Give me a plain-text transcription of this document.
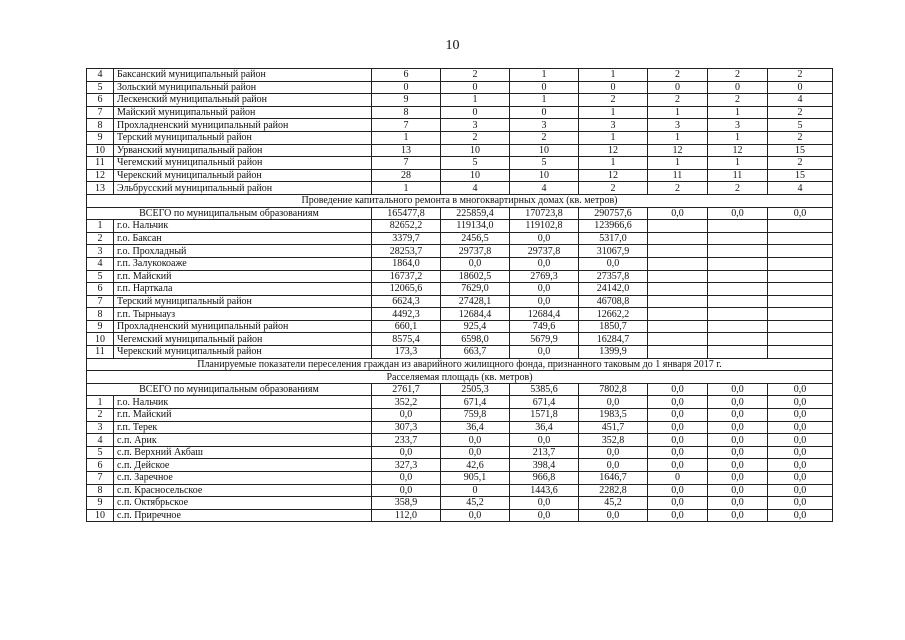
10
4	Баксанский муниципальный район	6	2	1	1	2	2	2
5	Зольский муниципальный район	0	0	0	0	0	0	0
6	Лескенский муниципальный район	9	1	1	2	2	2	4
7	Майский муниципальный район	8	0	0	1	1	1	2
8	Прохладненский муниципальный район	7	3	3	3	3	3	5
9	Терский муниципальный район	1	2	2	1	1	1	2
10	Урванский муниципальный район	13	10	10	12	12	12	15
11	Чегемский муниципальный район	7	5	5	1	1	1	2
12	Черекский муниципальный район	28	10	10	12	11	11	15
13	Эльбрусский муниципальный район	1	4	4	2	2	2	4
Проведение капитального ремонта в многоквартирных домах (кв. метров)								
ВСЕГО по муниципальным образованиям		165477,8	225859,4	170723,8	290757,6	0,0	0,0	0,0
1	г.о. Нальчик	82652,2	119134,0	119102,8	123966,6			
2	г.о. Баксан	3379,7	2456,5	0,0	5317,0			
3	г.о. Прохладный	28253,7	29737,8	29737,8	31067,9			
4	г.п. Залукокоаже	1864,0	0,0	0,0	0,0			
5	г.п. Майский	16737,2	18602,5	2769,3	27357,8			
6	г.п. Нарткала	12065,6	7629,0	0,0	24142,0			
7	Терский муниципальный район	6624,3	27428,1	0,0	46708,8			
8	г.п. Тырныауз	4492,3	12684,4	12684,4	12662,2			
9	Прохладненский муниципальный район	660,1	925,4	749,6	1850,7			
10	Чегемский муниципальный район	8575,4	6598,0	5679,9	16284,7			
11	Черекский муниципальный район	173,3	663,7	0,0	1399,9			
Планируемые показатели переселения граждан из аварийного жилищного фонда, признанного таковым до 1 января 2017 г.								
Расселяемая площадь (кв. метров)								
ВСЕГО по муниципальным образованиям		2761,7	2505,3	5385,6	7802,8	0,0	0,0	0,0
1	г.о. Нальчик	352,2	671,4	671,4	0,0	0,0	0,0	0,0
2	г.п. Майский	0,0	759,8	1571,8	1983,5	0,0	0,0	0,0
3	г.п. Терек	307,3	36,4	36,4	451,7	0,0	0,0	0,0
4	с.п. Арик	233,7	0,0	0,0	352,8	0,0	0,0	0,0
5	с.п. Верхний Акбаш	0,0	0,0	213,7	0,0	0,0	0,0	0,0
6	с.п. Дейское	327,3	42,6	398,4	0,0	0,0	0,0	0,0
7	с.п. Заречное	0,0	905,1	966,8	1646,7	0	0,0	0,0
8	с.п. Красносельское	0,0	0	1443,6	2282,8	0,0	0,0	0,0
9	с.п. Октябрьское	358,9	45,2	0,0	45,2	0,0	0,0	0,0
10	с.п. Приречное	112,0	0,0	0,0	0,0	0,0	0,0	0,0
